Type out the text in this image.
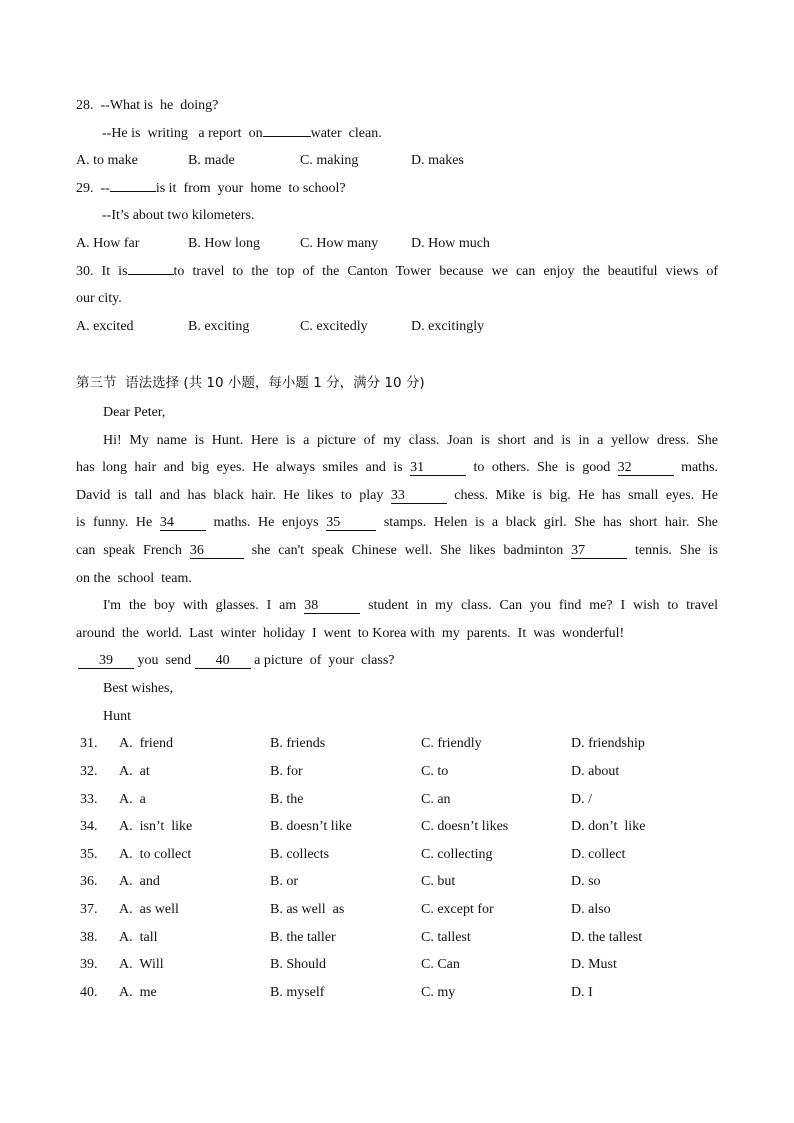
28.  --What is  he  doing?
--He is  writing   a report  on	water  clean.
A. to make	B. made	C. making	D. makes
29.  --	is it  from  your  home  to school?
--It’s about two kilometers.
A. How far	B. How long	C. How many D. How much
30. It is	to travel to the top of the Canton Tower because we can enjoy the beautiful views of
our city.
A. excited	B. exciting	C. excitedly	D. excitingly
第三节  语法选择 (共 10 小题，每小题 1 分，满分 10 分)
Dear Peter,
Hi! My name is Hunt. Here is a picture of my class. Joan is short and is in a yellow dress. She
has long hair and big eyes. He always smiles and is 31	to others. She is good 32	maths.
David is tall and has black hair. He likes to play 33	chess. Mike is big. He has small eyes. He
is funny. He 34	maths. He enjoys 35	stamps. Helen is a black girl. She has short hair. She
can speak French 36	she can't speak Chinese well. She likes badminton 37	tennis. She is
on the  school  team.
I'm the boy with glasses. I am 38	student in my class. Can you find me? I wish to travel
around  the  world.  Last  winter  holiday  I  went  to Korea with  my  parents.  It  was  wonderful!
39 you  send 40 a picture  of  your  class?
Best wishes,
Hunt
31.	A.  friend	B. friends	C. friendly	D. friendship
32.	A.  at	B. for	C. to	D. about
33.	A.  a	B. the	C. an	D. /
34.	A.  isn’t  like	B. doesn’t like	C. doesn’t likes	D. don’t  like
35.	A.  to collect	B. collects	C. collecting	D. collect
36.	A.  and	B. or	C. but	D. so
37.	A.  as well	B. as well  as	C. except for	D. also
38.	A.  tall	B. the taller	C. tallest	D. the tallest
39.	A.  Will	B. Should	C. Can	D. Must
40.	A.  me	B. myself	C. my	D. I
